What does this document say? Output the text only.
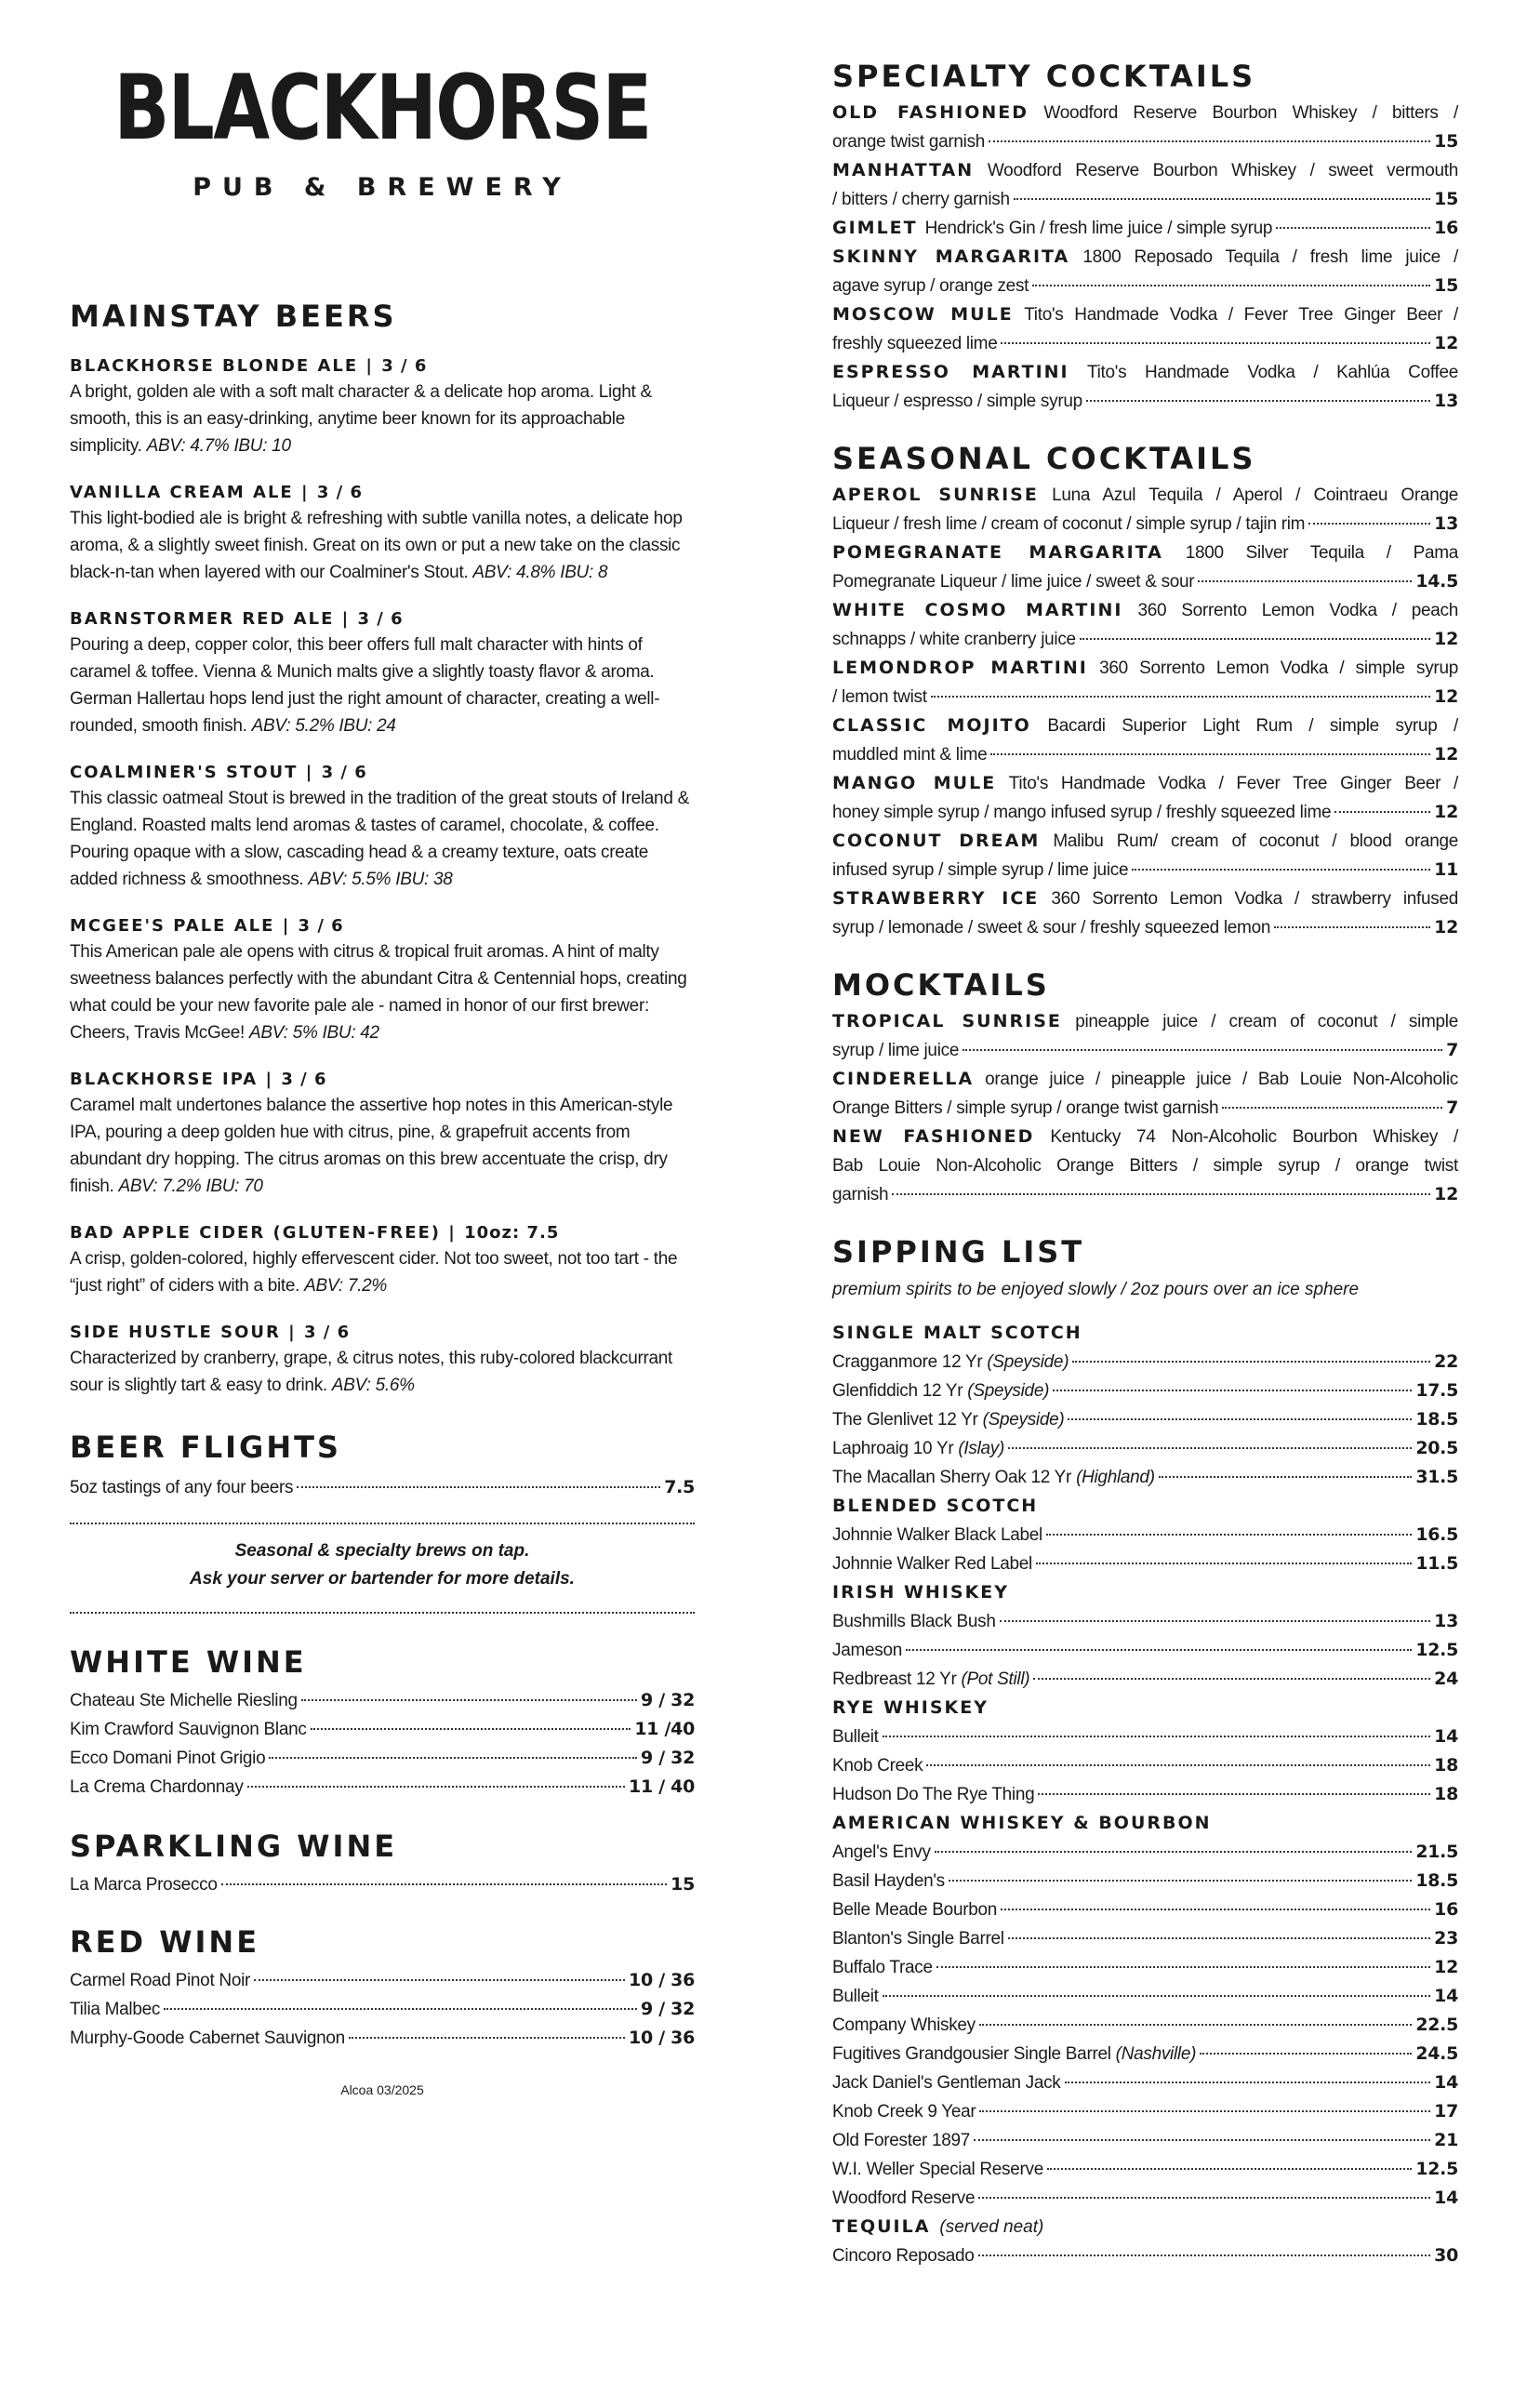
BLACKHORSE
PUB & BREWERY
MAINSTAY BEERS
BLACKHORSE BLONDE ALE | 3 / 6
A bright, golden ale with a soft malt character & a delicate hop aroma. Light & smooth, this is an easy-drinking, anytime beer known for its approachable simplicity. ABV: 4.7% IBU: 10
VANILLA CREAM ALE | 3 / 6
This light-bodied ale is bright & refreshing with subtle vanilla notes, a delicate hop aroma, & a slightly sweet finish. Great on its own or put a new take on the classic black-n-tan when layered with our Coalminer's Stout. ABV: 4.8% IBU: 8
BARNSTORMER RED ALE | 3 / 6
Pouring a deep, copper color, this beer offers full malt character with hints of caramel & toffee. Vienna & Munich malts give a slightly toasty flavor & aroma. German Hallertau hops lend just the right amount of character, creating a well-rounded, smooth finish. ABV: 5.2% IBU: 24
COALMINER'S STOUT | 3 / 6
This classic oatmeal Stout is brewed in the tradition of the great stouts of Ireland & England. Roasted malts lend aromas & tastes of caramel, chocolate, & coffee. Pouring opaque with a slow, cascading head & a creamy texture, oats create added richness & smoothness. ABV: 5.5% IBU: 38
MCGEE'S PALE ALE | 3 / 6
This American pale ale opens with citrus & tropical fruit aromas. A hint of malty sweetness balances perfectly with the abundant Citra & Centennial hops, creating what could be your new favorite pale ale - named in honor of our first brewer: Cheers, Travis McGee! ABV: 5% IBU: 42
BLACKHORSE IPA | 3 / 6
Caramel malt undertones balance the assertive hop notes in this American-style IPA, pouring a deep golden hue with citrus, pine, & grapefruit accents from abundant dry hopping. The citrus aromas on this brew accentuate the crisp, dry finish. ABV: 7.2% IBU: 70
BAD APPLE CIDER (GLUTEN-FREE) | 10oz: 7.5
A crisp, golden-colored, highly effervescent cider. Not too sweet, not too tart - the “just right” of ciders with a bite. ABV: 7.2%
SIDE HUSTLE SOUR | 3 / 6
Characterized by cranberry, grape, & citrus notes, this ruby-colored blackcurrant sour is slightly tart & easy to drink. ABV: 5.6%
BEER FLIGHTS
5oz tastings of any four beers	7.5
Seasonal & specialty brews on tap.
Ask your server or bartender for more details.
WHITE WINE
Chateau Ste Michelle Riesling	9 / 32
Kim Crawford Sauvignon Blanc	11 /40
Ecco Domani Pinot Grigio	9 / 32
La Crema Chardonnay	11 / 40
SPARKLING WINE
La Marca Prosecco	15
RED WINE
Carmel Road Pinot Noir	10 / 36
Tilia Malbec	9 / 32
Murphy-Goode Cabernet Sauvignon	10 / 36
Alcoa 03/2025
SPECIALTY COCKTAILS
OLD FASHIONED Woodford Reserve Bourbon Whiskey / bitters /
orange twist garnish	15
MANHATTAN Woodford Reserve Bourbon Whiskey / sweet vermouth
/ bitters / cherry garnish	15
GIMLET Hendrick's Gin / fresh lime juice / simple syrup	16
SKINNY MARGARITA 1800 Reposado Tequila / fresh lime juice /
agave syrup / orange zest	15
MOSCOW MULE Tito's Handmade Vodka / Fever Tree Ginger Beer /
freshly squeezed lime	12
ESPRESSO MARTINI Tito's Handmade Vodka / Kahlúa Coffee
Liqueur / espresso / simple syrup	13
SEASONAL COCKTAILS
APEROL SUNRISE Luna Azul Tequila / Aperol / Cointraeu Orange
Liqueur / fresh lime / cream of coconut / simple syrup / tajin rim	13
POMEGRANATE MARGARITA 1800 Silver Tequila / Pama
Pomegranate Liqueur / lime juice / sweet & sour	14.5
WHITE COSMO MARTINI 360 Sorrento Lemon Vodka / peach
schnapps / white cranberry juice	12
LEMONDROP MARTINI 360 Sorrento Lemon Vodka / simple syrup
/ lemon twist	12
CLASSIC MOJITO Bacardi Superior Light Rum / simple syrup /
muddled mint & lime	12
MANGO MULE Tito's Handmade Vodka / Fever Tree Ginger Beer /
honey simple syrup / mango infused syrup / freshly squeezed lime	12
COCONUT DREAM Malibu Rum/ cream of coconut / blood orange
infused syrup / simple syrup / lime juice	11
STRAWBERRY ICE 360 Sorrento Lemon Vodka / strawberry infused
syrup / lemonade / sweet & sour / freshly squeezed lemon	12
MOCKTAILS
TROPICAL SUNRISE pineapple juice / cream of coconut / simple
syrup / lime juice	7
CINDERELLA orange juice / pineapple juice / Bab Louie Non-Alcoholic
Orange Bitters / simple syrup / orange twist garnish	7
NEW FASHIONED Kentucky 74 Non-Alcoholic Bourbon Whiskey /
Bab Louie Non-Alcoholic Orange Bitters / simple syrup / orange twist
garnish	12
SIPPING LIST
premium spirits to be enjoyed slowly / 2oz pours over an ice sphere
SINGLE MALT SCOTCH
Cragganmore 12 Yr (Speyside)	22
Glenfiddich 12 Yr (Speyside)	17.5
The Glenlivet 12 Yr (Speyside)	18.5
Laphroaig 10 Yr (Islay)	20.5
The Macallan Sherry Oak 12 Yr (Highland)	31.5
BLENDED SCOTCH
Johnnie Walker Black Label	16.5
Johnnie Walker Red Label	11.5
IRISH WHISKEY
Bushmills Black Bush	13
Jameson	12.5
Redbreast 12 Yr (Pot Still)	24
RYE WHISKEY
Bulleit	14
Knob Creek	18
Hudson Do The Rye Thing	18
AMERICAN WHISKEY & BOURBON
Angel's Envy	21.5
Basil Hayden's	18.5
Belle Meade Bourbon	16
Blanton's Single Barrel	23
Buffalo Trace	12
Bulleit	14
Company Whiskey	22.5
Fugitives Grandgousier Single Barrel (Nashville)	24.5
Jack Daniel's Gentleman Jack	14
Knob Creek 9 Year	17
Old Forester 1897	21
W.I. Weller Special Reserve	12.5
Woodford Reserve	14
TEQUILA (served neat)
Cincoro Reposado	30
